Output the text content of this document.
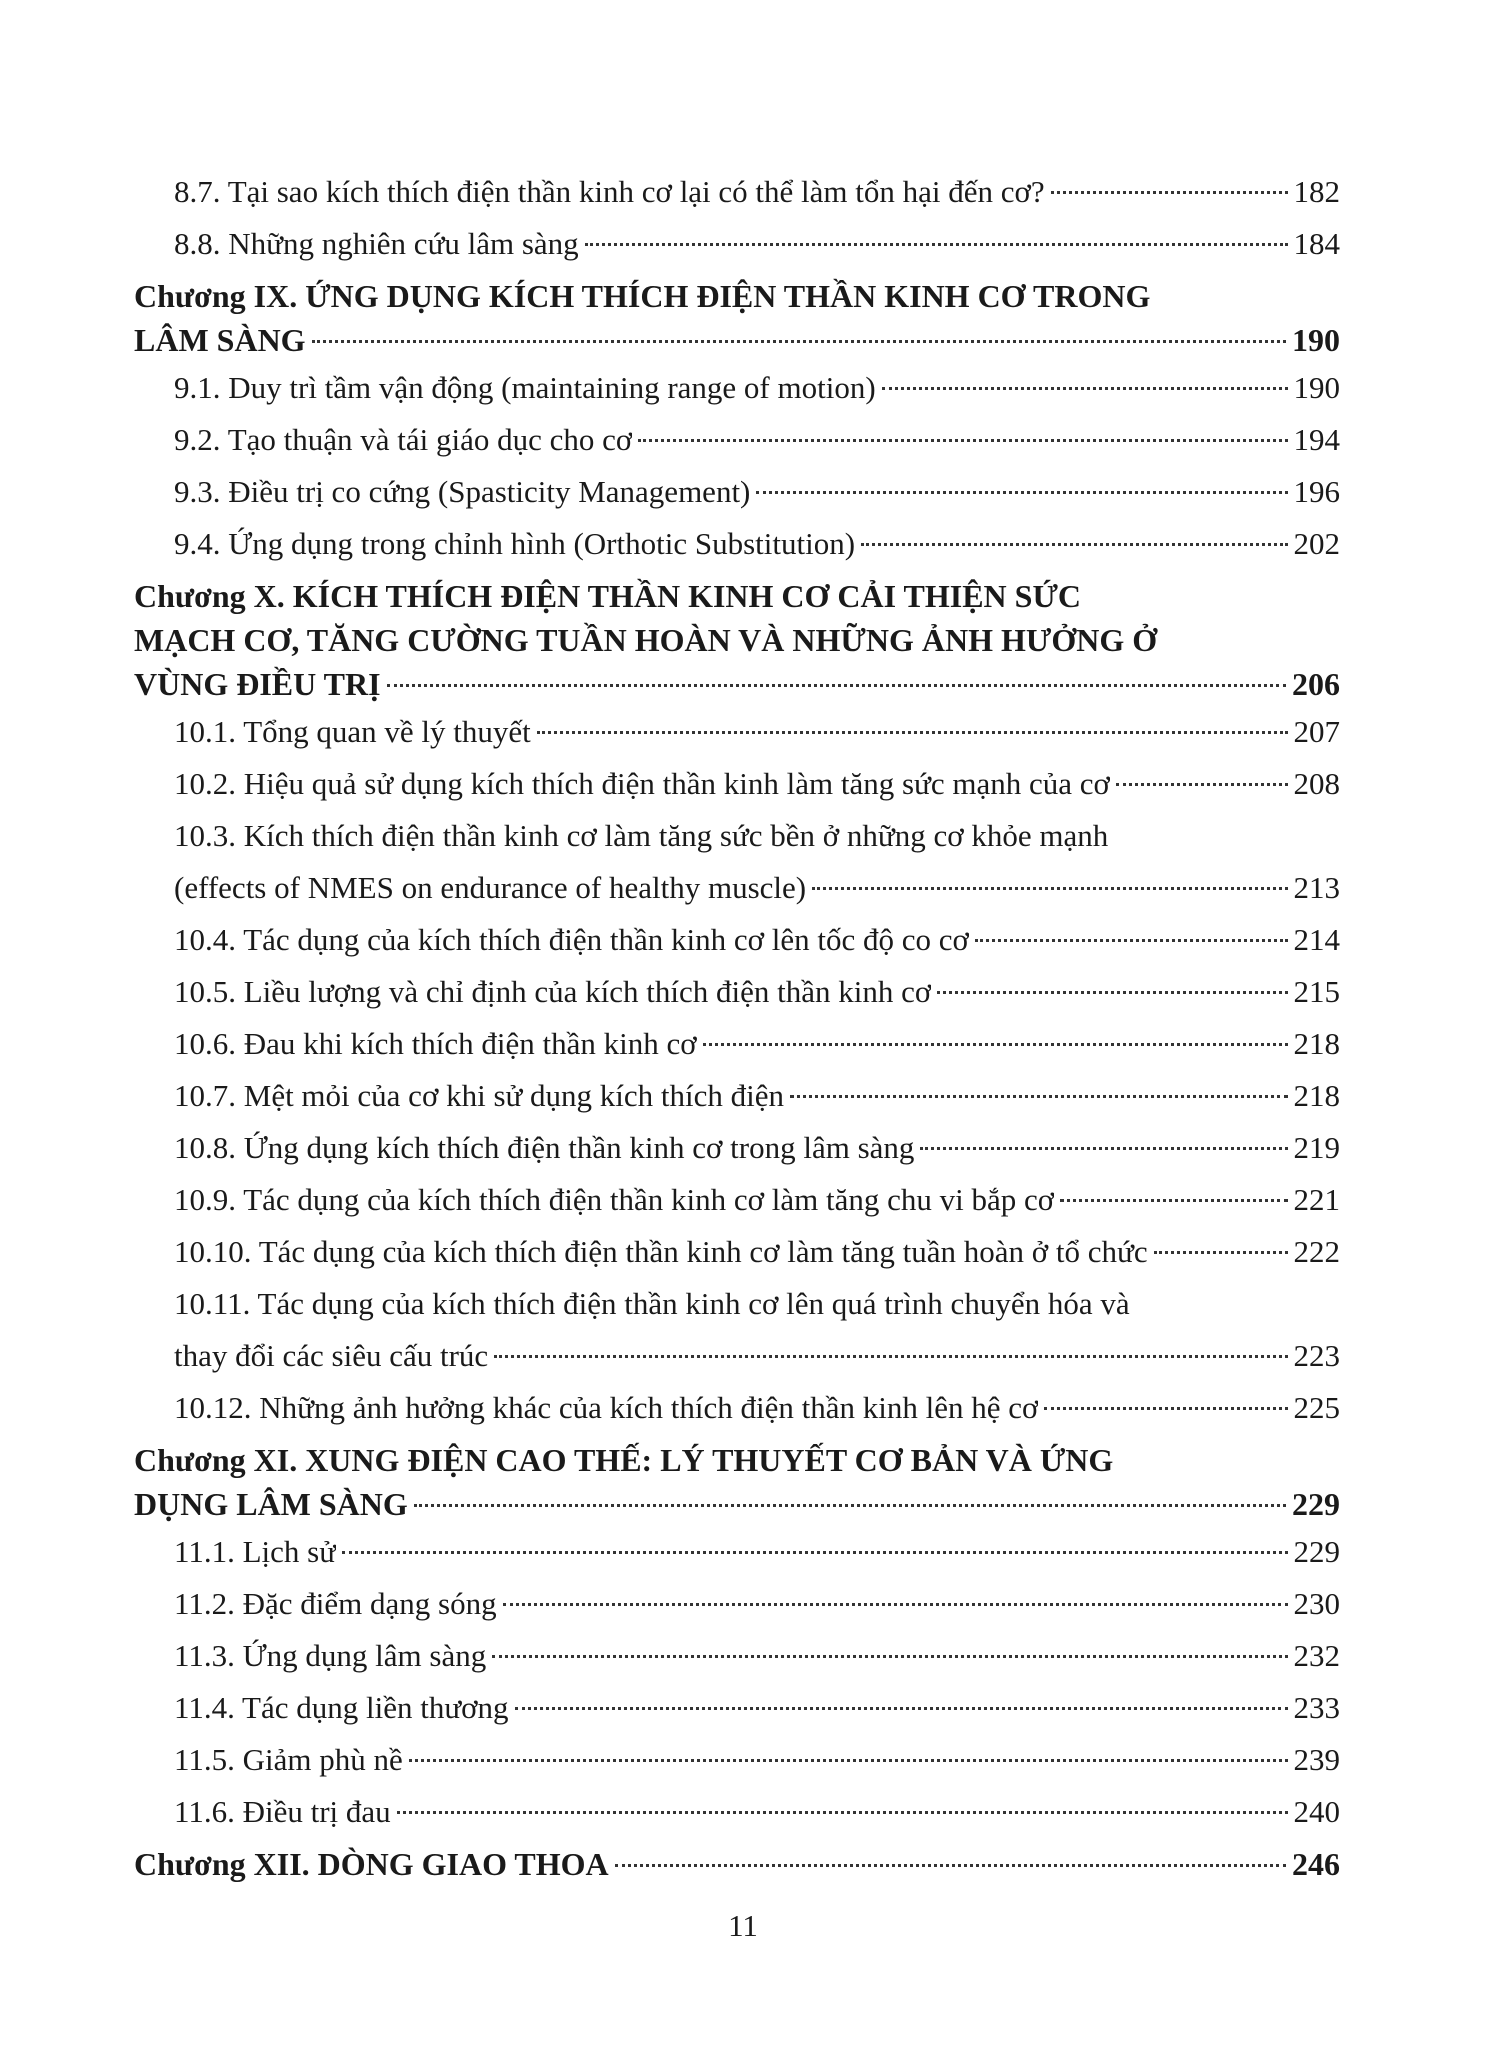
8.7. Tại sao kích thích điện thần kinh cơ lại có thể làm tổn hại đến cơ?	182
8.8. Những nghiên cứu lâm sàng	184
Chương IX. ỨNG DỤNG KÍCH THÍCH ĐIỆN THẦN KINH CƠ TRONG
LÂM SÀNG	190
9.1. Duy trì tầm vận động (maintaining range of motion)	190
9.2. Tạo thuận và tái giáo dục cho cơ	194
9.3. Điều trị co cứng (Spasticity Management)	196
9.4. Ứng dụng trong chỉnh hình (Orthotic Substitution)	202
Chương X. KÍCH THÍCH ĐIỆN THẦN KINH CƠ CẢI THIỆN SỨC
MẠCH CƠ, TĂNG CƯỜNG TUẦN HOÀN VÀ NHỮNG ẢNH HƯỞNG Ở
VÙNG ĐIỀU TRỊ	206
10.1. Tổng quan về lý thuyết	207
10.2. Hiệu quả sử dụng kích thích điện thần kinh làm tăng sức mạnh của cơ	208
10.3. Kích thích điện thần kinh cơ làm tăng sức bền ở những cơ khỏe mạnh
(effects of NMES on endurance of healthy muscle)	213
10.4. Tác dụng của kích thích điện thần kinh cơ lên tốc độ co cơ	214
10.5. Liều lượng và chỉ định của kích thích điện thần kinh cơ	215
10.6. Đau khi kích thích điện thần kinh cơ	218
10.7. Mệt mỏi của cơ khi sử dụng kích thích điện	218
10.8. Ứng dụng kích thích điện thần kinh cơ trong lâm sàng	219
10.9. Tác dụng của kích thích điện thần kinh cơ làm tăng chu vi bắp cơ	221
10.10. Tác dụng của kích thích điện thần kinh cơ làm tăng tuần hoàn ở tổ chức	222
10.11. Tác dụng của kích thích điện thần kinh cơ lên quá trình chuyển hóa và
thay đổi các siêu cấu trúc	223
10.12. Những ảnh hưởng khác của kích thích điện thần kinh lên hệ cơ	225
Chương XI. XUNG ĐIỆN CAO THẾ: LÝ THUYẾT CƠ BẢN VÀ ỨNG
DỤNG LÂM SÀNG	229
11.1. Lịch sử	229
11.2. Đặc điểm dạng sóng	230
11.3. Ứng dụng lâm sàng	232
11.4. Tác dụng liền thương	233
11.5. Giảm phù nề	239
11.6. Điều trị đau	240
Chương XII. DÒNG GIAO THOA	246
11
